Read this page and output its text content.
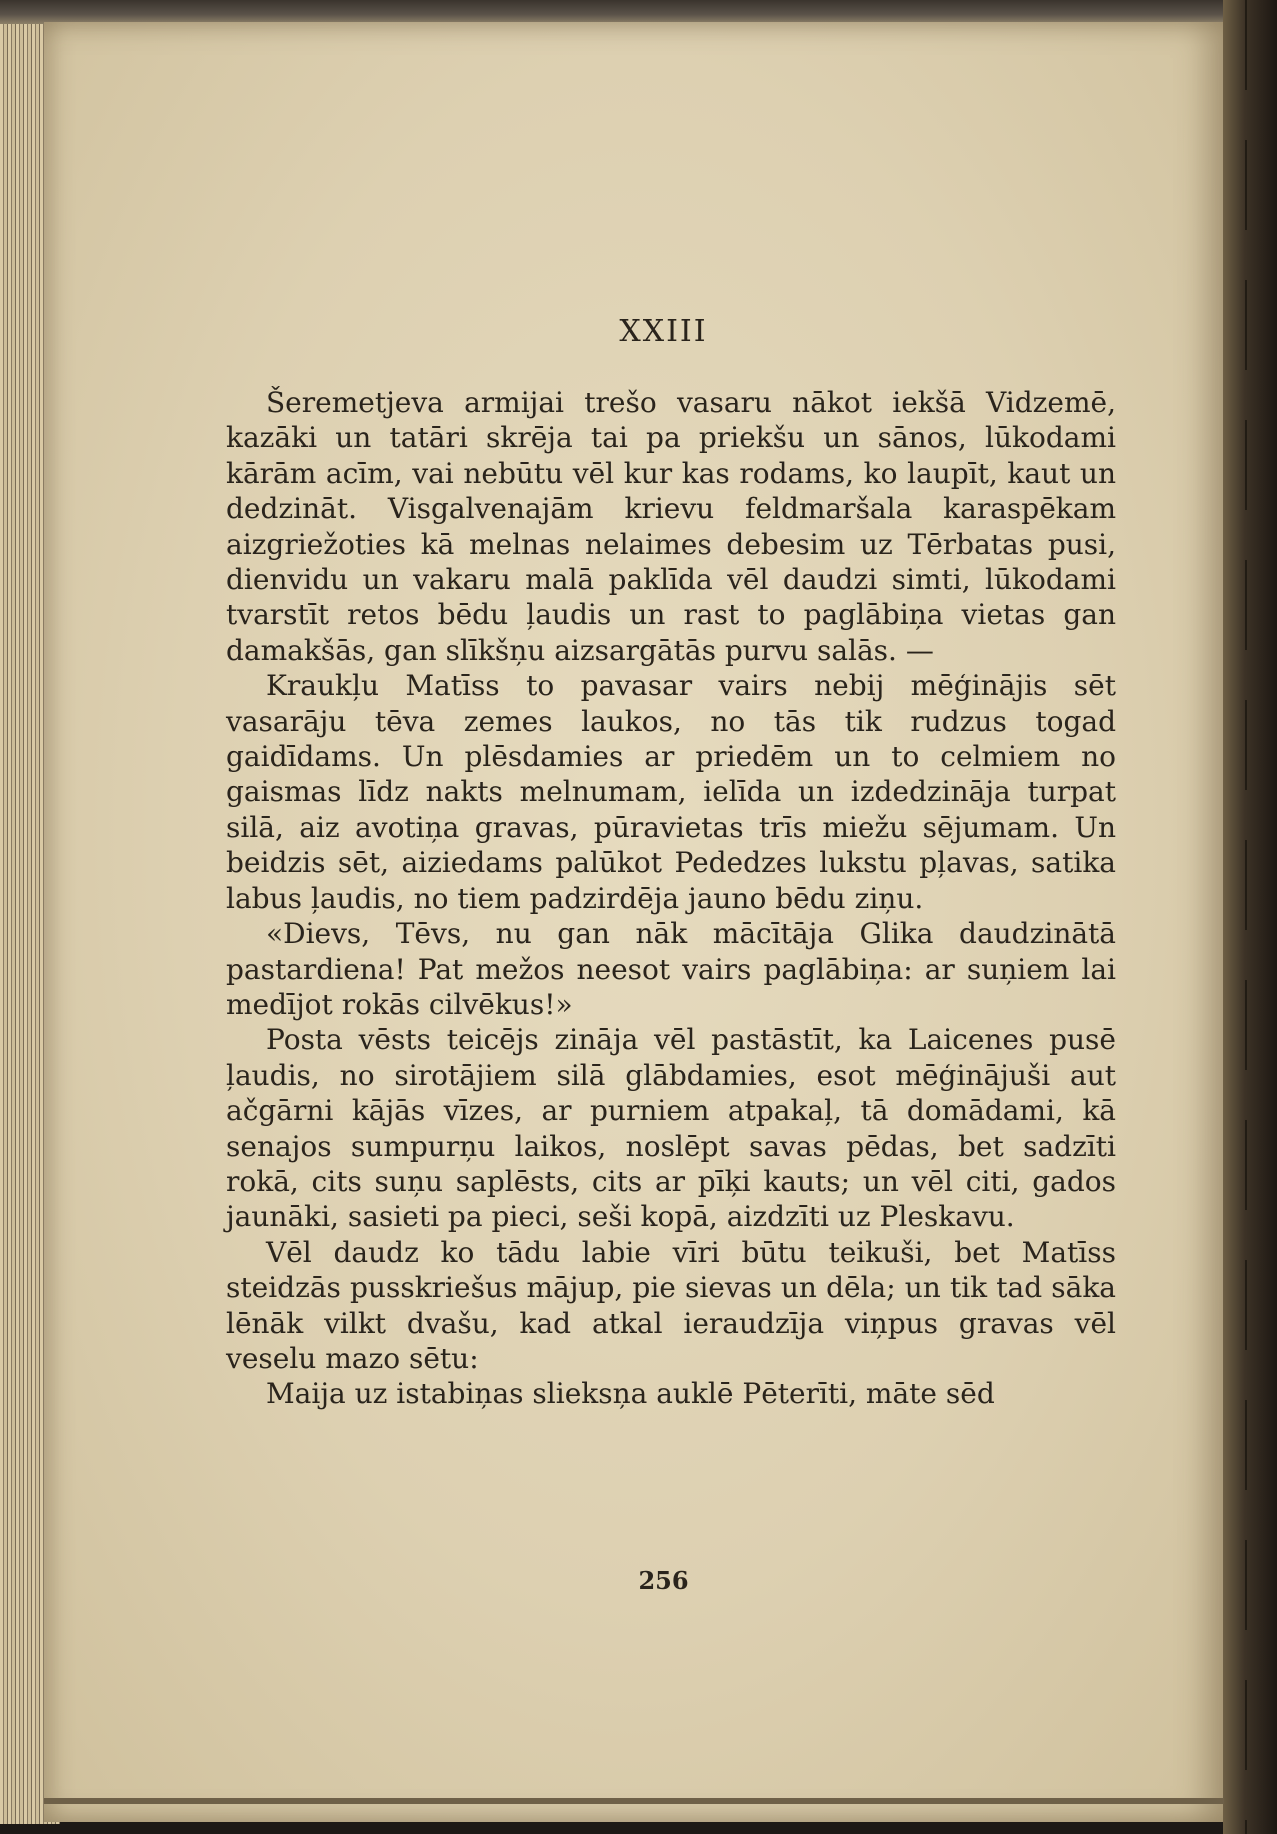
XXIII

Šeremetjeva armijai trešo vasaru nākot iekšā Vidzemē, kazāki un tatāri skrēja tai pa priekšu un sānos, lūkodami kārām acīm, vai nebūtu vēl kur kas rodams, ko laupīt, kaut un dedzināt. Visgalvenajām krievu feldmaršala karaspēkam aizgriežoties kā melnas nelaimes debesim uz Tērbatas pusi, dienvidu un vakaru malā paklīda vēl daudzi simti, lūkodami tvarstīt retos bēdu ļaudis un rast to paglābiņa vietas gan damakšās, gan slīkšņu aizsargātās purvu salās. —

Kraukļu Matīss to pavasar vairs nebij mēģinājis sēt vasarāju tēva zemes laukos, no tās tik rudzus togad gaidīdams. Un plēsdamies ar priedēm un to celmiem no gaismas līdz nakts melnumam, ielīda un izdedzināja turpat silā, aiz avotiņa gravas, pūravietas trīs miežu sējumam. Un beidzis sēt, aiziedams palūkot Pededzes lukstu pļavas, satika labus ļaudis, no tiem padzirdēja jauno bēdu ziņu.

«Dievs, Tēvs, nu gan nāk mācītāja Glika daudzinātā pastardiena! Pat mežos neesot vairs paglābiņa: ar suņiem lai medījot rokās cilvēkus!»

Posta vēsts teicējs zināja vēl pastāstīt, ka Laicenes pusē ļaudis, no sirotājiem silā glābdamies, esot mēģinājuši aut ačgārni kājās vīzes, ar purniem atpakaļ, tā domādami, kā senajos sumpurņu laikos, noslēpt savas pēdas, bet sadzīti rokā, cits suņu saplēsts, cits ar pīķi kauts; un vēl citi, gados jaunāki, sasieti pa pieci, seši kopā, aizdzīti uz Pleskavu.

Vēl daudz ko tādu labie vīri būtu teikuši, bet Matīss steidzās pusskriešus mājup, pie sievas un dēla; un tik tad sāka lēnāk vilkt dvašu, kad atkal ieraudzīja viņpus gravas vēl veselu mazo sētu:

Maija uz istabiņas slieksņa auklē Pēterīti, māte sēd

256
